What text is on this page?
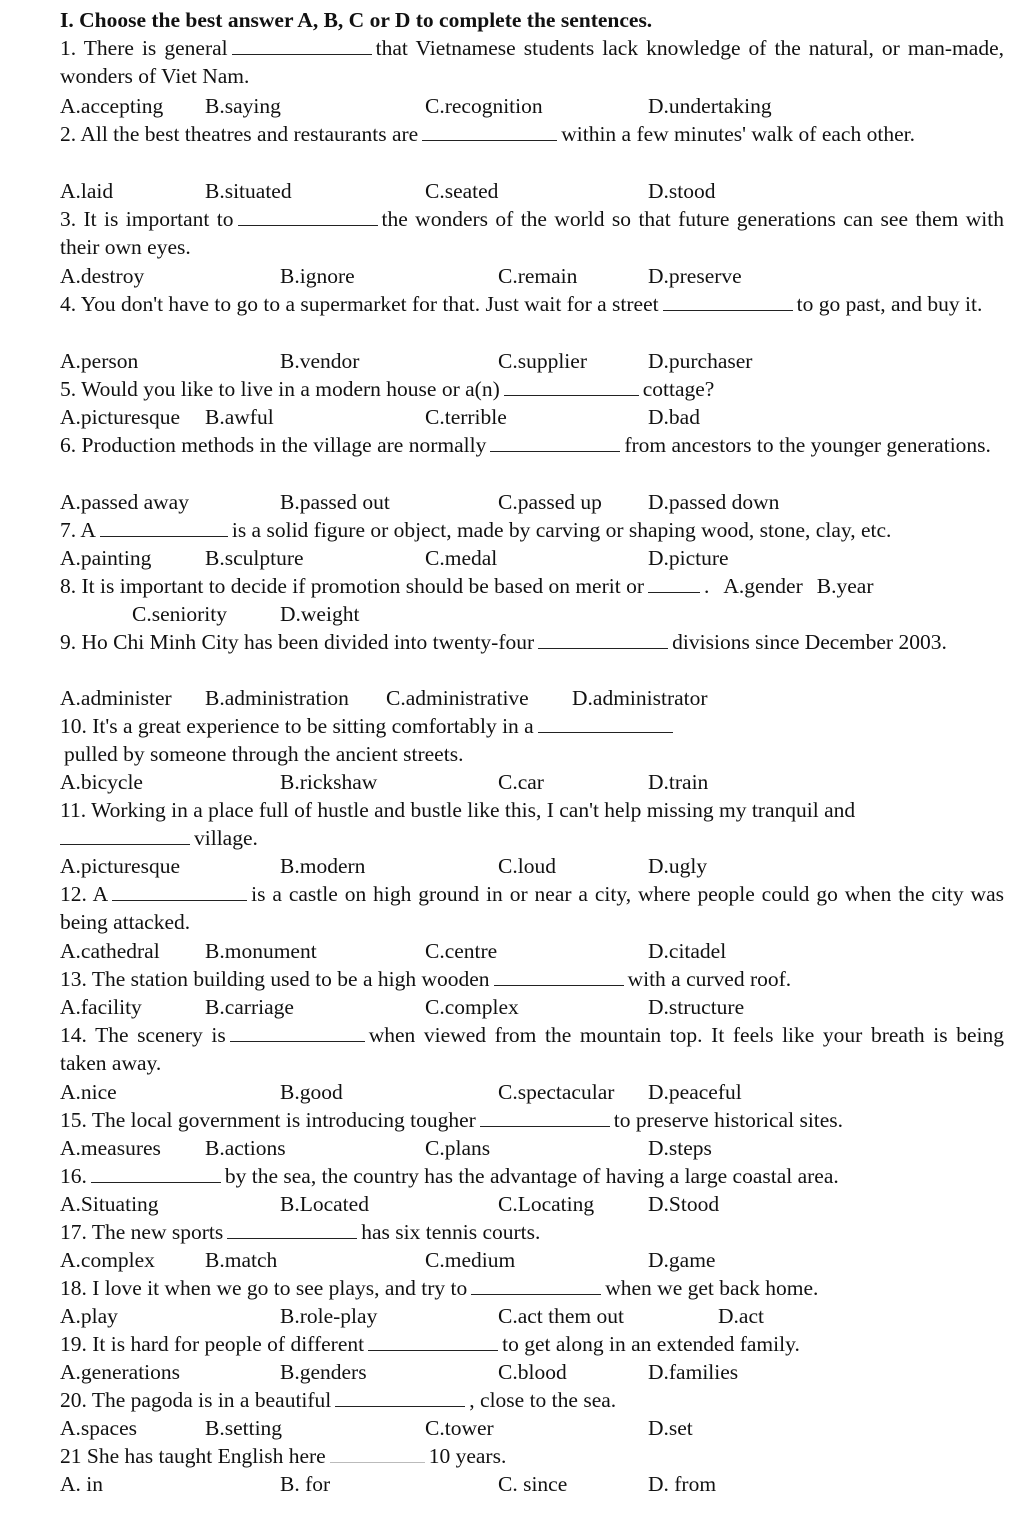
I. Choose the best answer A, B, C or D to complete the sentences.
1. There is general	that Vietnamese students lack knowledge of the natural, or man-made, wonders of Viet Nam.
A.accepting B.saying	C.recognition	D.undertaking
2. All the best theatres and restaurants are	within a few minutes' walk of each other.
A.laid	B.situated	C.seated	D.stood
3. It is important to	the wonders of the world so that future generations can see them with their own eyes.
A.destroy	B.ignore	C.remain	D.preserve
4. You don't have to go to a supermarket for that. Just wait for a street	to go past, and buy it.
A.person	B.vendor	C.supplier	D.purchaser
5. Would you like to live in a modern house or a(n)	cottage?
A.picturesque B.awful	C.terrible	D.bad
6. Production methods in the village are normally	from ancestors to the younger generations.
A.passed away	B.passed out	C.passed up D.passed down
7. A	is a solid figure or object, made by carving or shaping wood, stone, clay, etc.
A.painting B.sculpture	C.medal	D.picture
8. It is important to decide if promotion should be based on merit or	. A.gender B.year
C.seniority D.weight
9. Ho Chi Minh City has been divided into twenty-four	divisions since December 2003.
A.administer B.administration C.administrative D.administrator
10. It's a great experience to be sitting comfortably in a
pulled by someone through the ancient streets.
A.bicycle	B.rickshaw	C.car	D.train
11. Working in a place full of hustle and bustle like this, I can't help missing my tranquil and
village.
A.picturesque	B.modern	C.loud	D.ugly
12. A	is a castle on high ground in or near a city, where people could go when the city was being attacked.
A.cathedral B.monument	C.centre	D.citadel
13. The station building used to be a high wooden	with a curved roof.
A.facility	B.carriage	C.complex	D.structure
14. The scenery is	when viewed from the mountain top. It feels like your breath is being taken away.
A.nice	B.good	C.spectacular D.peaceful
15. The local government is introducing tougher	to preserve historical sites.
A.measures B.actions	C.plans	D.steps
16.	by the sea, the country has the advantage of having a large coastal area.
A.Situating	B.Located	C.Locating	D.Stood
17. The new sports	has six tennis courts.
A.complex B.match	C.medium	D.game
18. I love it when we go to see plays, and try to	when we get back home.
A.play	B.role-play	C.act them out	D.act
19. It is hard for people of different	to get along in an extended family.
A.generations	B.genders	C.blood	D.families
20. The pagoda is in a beautiful	, close to the sea.
A.spaces	B.setting	C.tower	D.set
21 She has taught English here	10 years.
A. in	B. for	C. since	D. from
